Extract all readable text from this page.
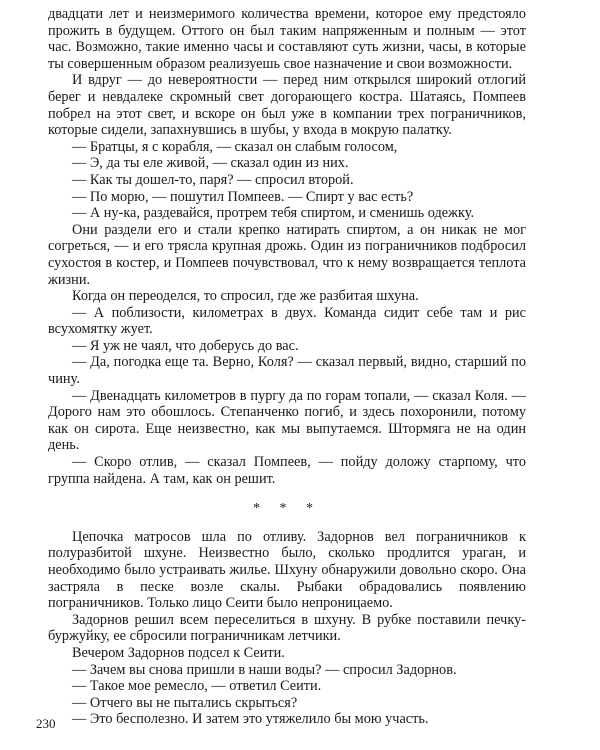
двадцати лет и неизмеримого количества времени, которое ему предстояло прожить в будущем. Оттого он был таким напряженным и полным — этот час. Возможно, такие именно часы и составляют суть жизни, часы, в которые ты совершенным образом реализуешь свое назначение и свои возможности.

И вдруг — до невероятности — перед ним открылся широкий отлогий берег и невдалеке скромный свет догорающего костра. Шатаясь, Помпеев побрел на этот свет, и вскоре он был уже в компании трех пограничников, которые сидели, запахнувшись в шубы, у входа в мокрую палатку.

— Братцы, я с корабля, — сказал он слабым голосом,

— Э, да ты еле живой, — сказал один из них.

— Как ты дошел-то, паря? — спросил второй.

— По морю, — пошутил Помпеев. — Спирт у вас есть?

— А ну-ка, раздевайся, протрем тебя спиртом, и сменишь одежку.

Они раздели его и стали крепко натирать спиртом, а он никак не мог согреться, — и его трясла крупная дрожь. Один из пограничников подбросил сухостоя в костер, и Помпеев почувствовал, что к нему возвращается теплота жизни.

Когда он переоделся, то спросил, где же разбитая шхуна.

— А поблизости, километрах в двух. Команда сидит себе там и рис всухомятку жует.

— Я уж не чаял, что доберусь до вас.

— Да, погодка еще та. Верно, Коля? — сказал первый, видно, старший по чину.

— Двенадцать километров в пургу да по горам топали, — сказал Коля. — Дорого нам это обошлось. Степанченко погиб, и здесь похоронили, потому как он сирота. Еще неизвестно, как мы выпутаемся. Штормяга не на один день.

— Скоро отлив, — сказал Помпеев, — пойду доложу старпому, что группа найдена. А там, как он решит.

* * *

Цепочка матросов шла по отливу. Задорнов вел пограничников к полуразбитой шхуне. Неизвестно было, сколько продлится ураган, и необходимо было устраивать жилье. Шхуну обнаружили довольно скоро. Она застряла в песке возле скалы. Рыбаки обрадовались появлению пограничников. Только лицо Сеити было непроницаемо.

Задорнов решил всем переселиться в шхуну. В рубке поставили печку-буржуйку, ее сбросили пограничникам летчики.

Вечером Задорнов подсел к Сеити.

— Зачем вы снова пришли в наши воды? — спросил Задорнов.

— Такое мое ремесло, — ответил Сеити.

— Отчего вы не пытались скрыться?

— Это бесполезно. И затем это утяжелило бы мою участь.

230
